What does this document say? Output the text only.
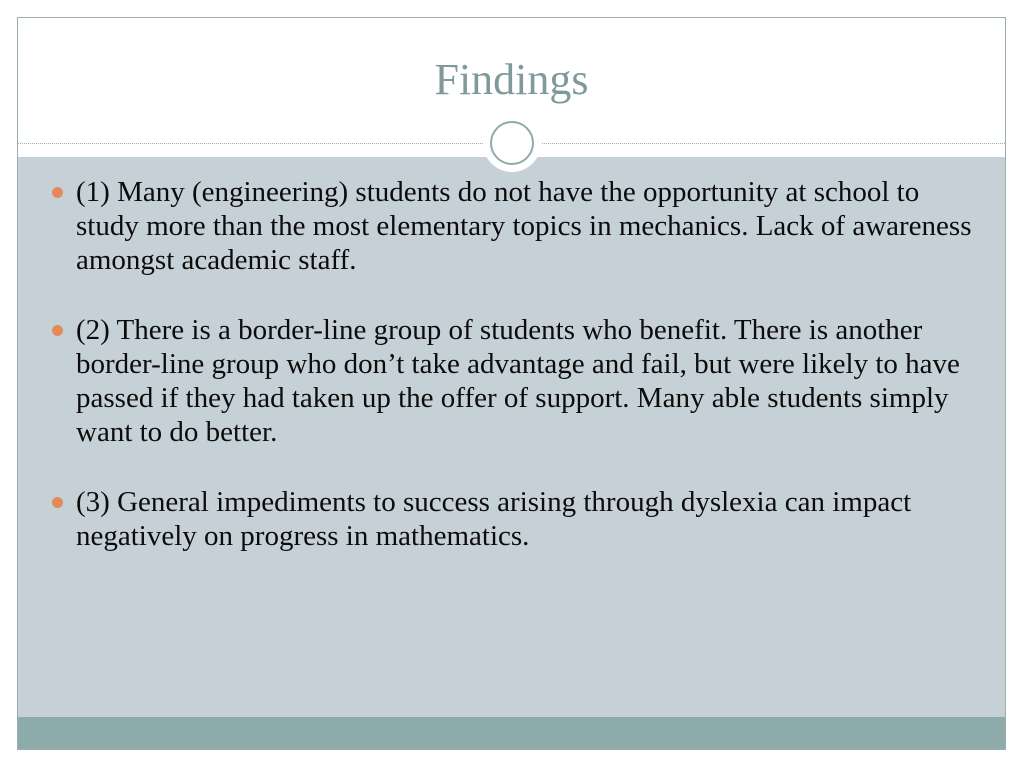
Findings
(1) Many (engineering) students do not have the opportunity at school to study more than the most elementary topics in mechanics. Lack of awareness amongst academic staff.
(2) There is a border-line group of students who benefit. There is another border-line group who don’t take advantage and fail, but were likely to have passed if they had taken up the offer of support. Many able students simply want to do better.
(3) General impediments to success arising through dyslexia can impact negatively on progress in mathematics.
